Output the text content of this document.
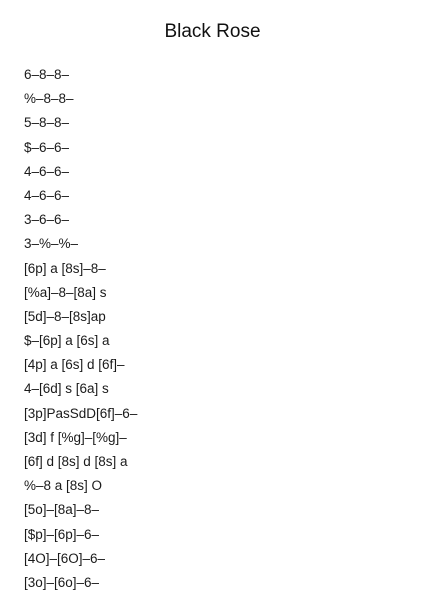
Black Rose
6–8–8–
%–8–8–
5–8–8–
$–6–6–
4–6–6–
4–6–6–
3–6–6–
3–%–%–
[6p] a [8s]–8–
[%a]–8–[8a] s
[5d]–8–[8s]ap
$–[6p] a [6s] a
[4p] a [6s] d [6f]–
4–[6d] s [6a] s
[3p]PasSdD[6f]–6–
[3d] f [%g]–[%g]–
[6f] d [8s] d [8s] a
%–8 a [8s] O
[5o]–[8a]–8–
[$p]–[6p]–6–
[4O]–[6O]–6–
[3o]–[6o]–6–
